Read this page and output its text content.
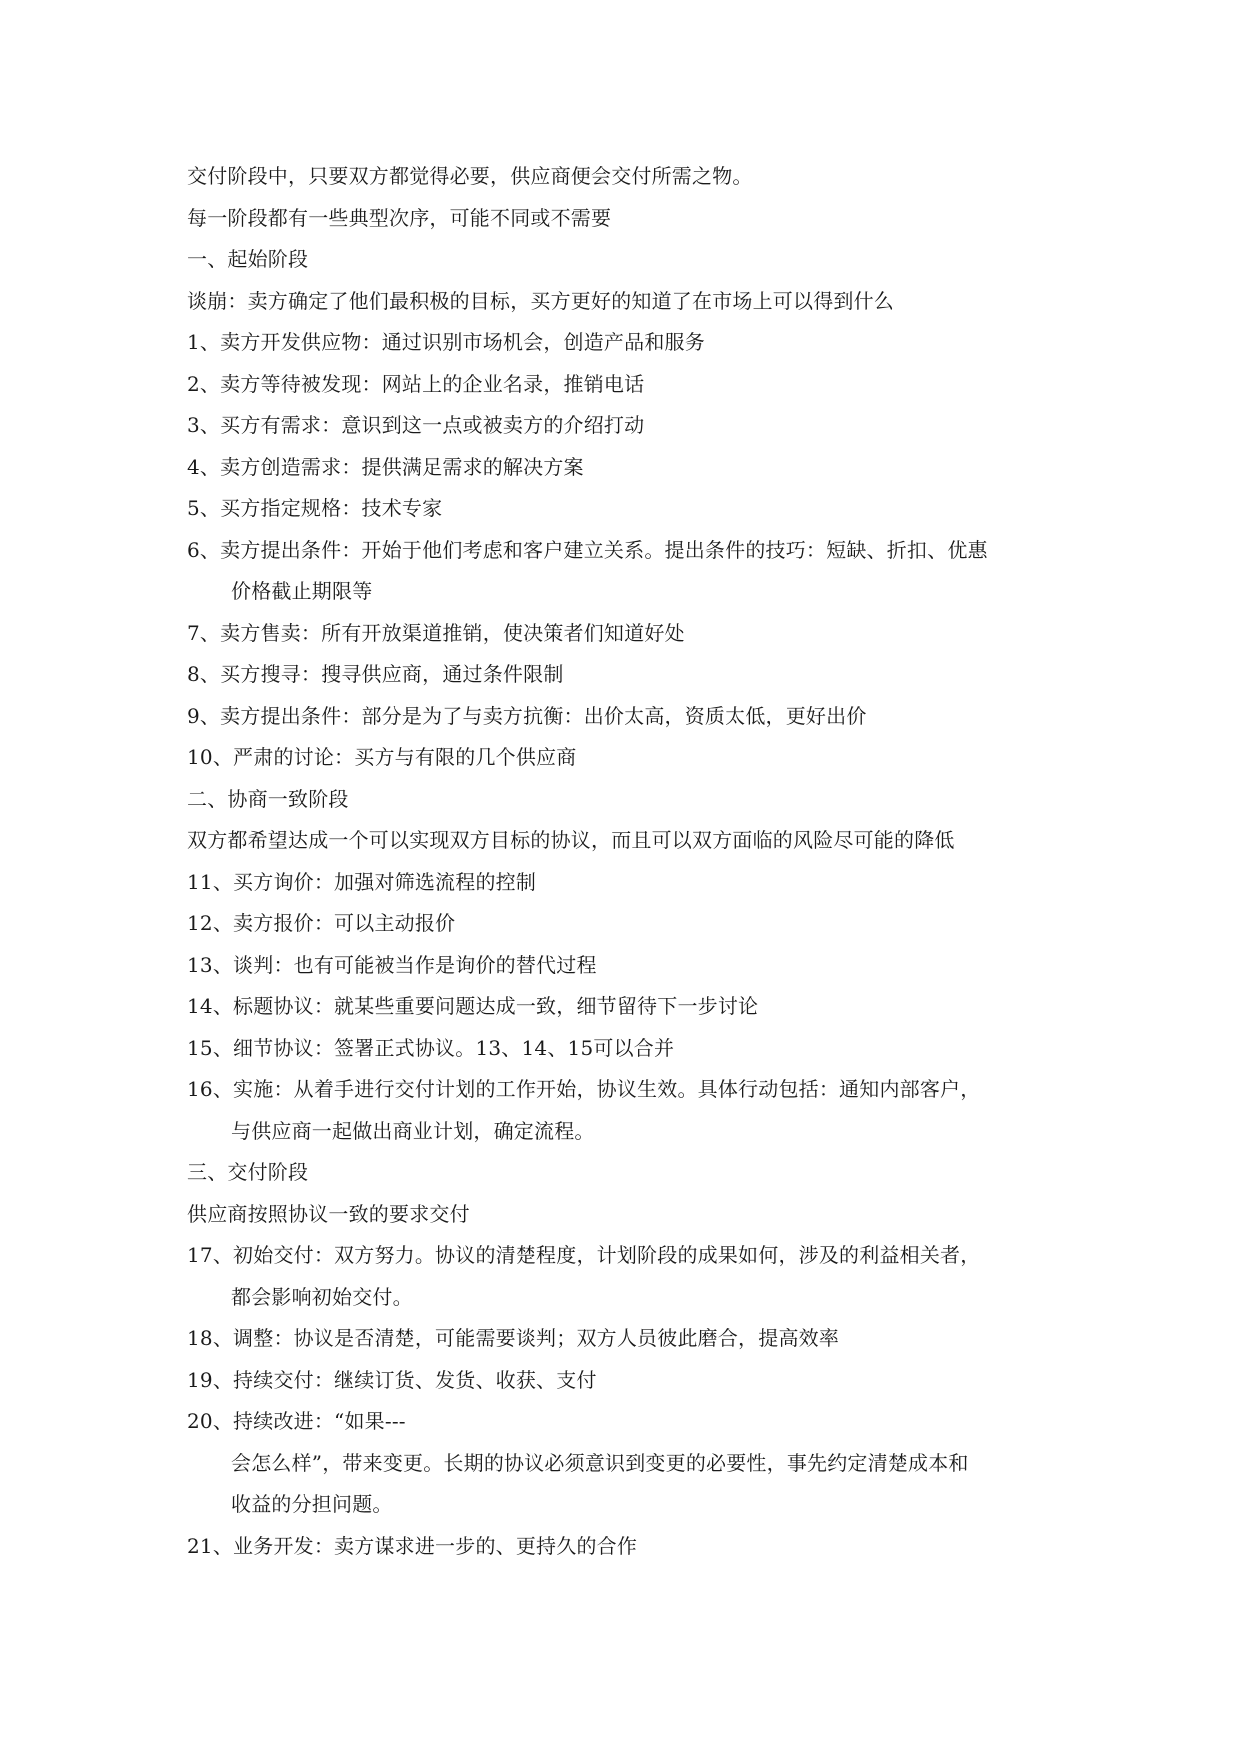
交付阶段中，只要双方都觉得必要，供应商便会交付所需之物。
每一阶段都有一些典型次序，可能不同或不需要
一、起始阶段
谈崩：卖方确定了他们最积极的目标，买方更好的知道了在市场上可以得到什么
1、卖方开发供应物：通过识别市场机会，创造产品和服务
2、卖方等待被发现：网站上的企业名录，推销电话
3、买方有需求：意识到这一点或被卖方的介绍打动
4、卖方创造需求：提供满足需求的解决方案
5、买方指定规格：技术专家
6、卖方提出条件：开始于他们考虑和客户建立关系。提出条件的技巧：短缺、折扣、优惠
价格截止期限等
7、卖方售卖：所有开放渠道推销，使决策者们知道好处
8、买方搜寻：搜寻供应商，通过条件限制
9、卖方提出条件：部分是为了与卖方抗衡：出价太高，资质太低，更好出价
10、严肃的讨论：买方与有限的几个供应商
二、协商一致阶段
双方都希望达成一个可以实现双方目标的协议，而且可以双方面临的风险尽可能的降低
11、买方询价：加强对筛选流程的控制
12、卖方报价：可以主动报价
13、谈判：也有可能被当作是询价的替代过程
14、标题协议：就某些重要问题达成一致，细节留待下一步讨论
15、细节协议：签署正式协议。13、14、15可以合并
16、实施：从着手进行交付计划的工作开始，协议生效。具体行动包括：通知内部客户，
与供应商一起做出商业计划，确定流程。
三、交付阶段
供应商按照协议一致的要求交付
17、初始交付：双方努力。协议的清楚程度，计划阶段的成果如何，涉及的利益相关者，
都会影响初始交付。
18、调整：协议是否清楚，可能需要谈判；双方人员彼此磨合，提高效率
19、持续交付：继续订货、发货、收获、支付
20、持续改进：“如果---
会怎么样”，带来变更。长期的协议必须意识到变更的必要性，事先约定清楚成本和
收益的分担问题。
21、业务开发：卖方谋求进一步的、更持久的合作
